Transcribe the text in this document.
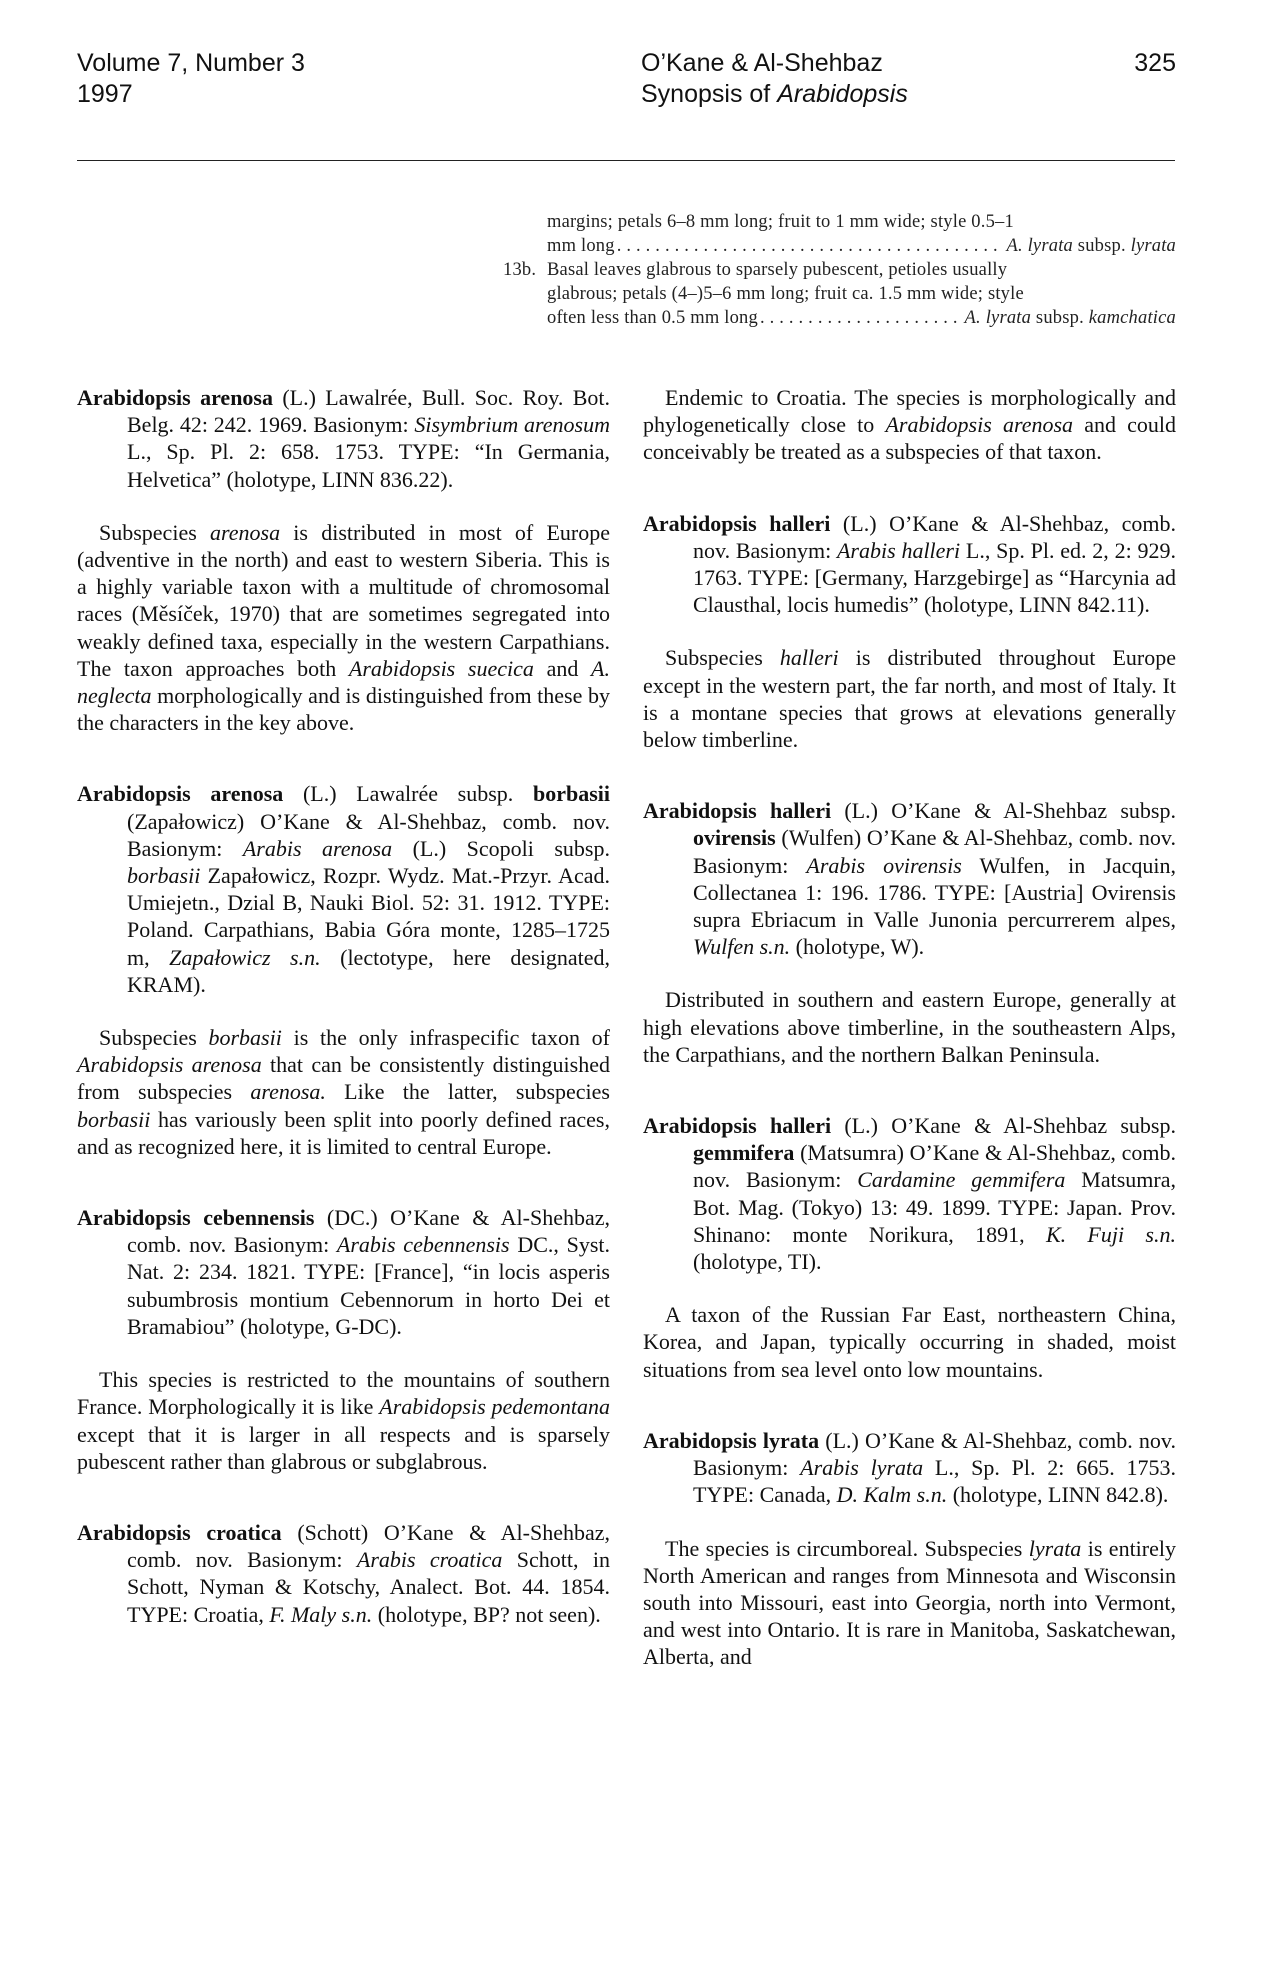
Volume 7, Number 3
1997
O’Kane & Al-Shehbaz
Synopsis of Arabidopsis
325
margins; petals 6–8 mm long; fruit to 1 mm wide; style 0.5–1
mm long . . .	A. lyrata subsp. lyrata
13b. Basal leaves glabrous to sparsely pubescent, petioles usually
glabrous; petals (4–)5–6 mm long; fruit ca. 1.5 mm wide; style
often less than 0.5 mm long . . .	A. lyrata subsp. kamchatica

Arabidopsis arenosa (L.) Lawalrée, Bull. Soc. Roy. Bot. Belg. 42: 242. 1969. Basionym: Sisymbrium arenosum L., Sp. Pl. 2: 658. 1753. TYPE: “In Germania, Helvetica” (holotype, LINN 836.22).

Subspecies arenosa is distributed in most of Europe (adventive in the north) and east to western Siberia. This is a highly variable taxon with a multitude of chromosomal races (Měsíček, 1970) that are sometimes segregated into weakly defined taxa, especially in the western Carpathians. The taxon approaches both Arabidopsis suecica and A. neglecta morphologically and is distinguished from these by the characters in the key above.

Arabidopsis arenosa (L.) Lawalrée subsp. borbasii (Zapałowicz) O’Kane & Al-Shehbaz, comb. nov. Basionym: Arabis arenosa (L.) Scopoli subsp. borbasii Zapałowicz, Rozpr. Wydz. Mat.-Przyr. Acad. Umiejetn., Dzial B, Nauki Biol. 52: 31. 1912. TYPE: Poland. Carpathians, Babia Góra monte, 1285–1725 m, Zapałowicz s.n. (lectotype, here designated, KRAM).

Subspecies borbasii is the only infraspecific taxon of Arabidopsis arenosa that can be consistently distinguished from subspecies arenosa. Like the latter, subspecies borbasii has variously been split into poorly defined races, and as recognized here, it is limited to central Europe.

Arabidopsis cebennensis (DC.) O’Kane & Al-Shehbaz, comb. nov. Basionym: Arabis cebennensis DC., Syst. Nat. 2: 234. 1821. TYPE: [France], “in locis asperis subumbrosis montium Cebennorum in horto Dei et Bramabiou” (holotype, G-DC).

This species is restricted to the mountains of southern France. Morphologically it is like Arabidopsis pedemontana except that it is larger in all respects and is sparsely pubescent rather than glabrous or subglabrous.

Arabidopsis croatica (Schott) O’Kane & Al-Shehbaz, comb. nov. Basionym: Arabis croatica Schott, in Schott, Nyman & Kotschy, Analect. Bot. 44. 1854. TYPE: Croatia, F. Maly s.n. (holotype, BP? not seen).

Endemic to Croatia. The species is morphologically and phylogenetically close to Arabidopsis arenosa and could conceivably be treated as a subspecies of that taxon.

Arabidopsis halleri (L.) O’Kane & Al-Shehbaz, comb. nov. Basionym: Arabis halleri L., Sp. Pl. ed. 2, 2: 929. 1763. TYPE: [Germany, Harzgebirge] as “Harcynia ad Clausthal, locis humedis” (holotype, LINN 842.11).

Subspecies halleri is distributed throughout Europe except in the western part, the far north, and most of Italy. It is a montane species that grows at elevations generally below timberline.

Arabidopsis halleri (L.) O’Kane & Al-Shehbaz subsp. ovirensis (Wulfen) O’Kane & Al-Shehbaz, comb. nov. Basionym: Arabis ovirensis Wulfen, in Jacquin, Collectanea 1: 196. 1786. TYPE: [Austria] Ovirensis supra Ebriacum in Valle Junonia percurrerem alpes, Wulfen s.n. (holotype, W).

Distributed in southern and eastern Europe, generally at high elevations above timberline, in the southeastern Alps, the Carpathians, and the northern Balkan Peninsula.

Arabidopsis halleri (L.) O’Kane & Al-Shehbaz subsp. gemmifera (Matsumra) O’Kane & Al-Shehbaz, comb. nov. Basionym: Cardamine gemmifera Matsumra, Bot. Mag. (Tokyo) 13: 49. 1899. TYPE: Japan. Prov. Shinano: monte Norikura, 1891, K. Fuji s.n. (holotype, TI).

A taxon of the Russian Far East, northeastern China, Korea, and Japan, typically occurring in shaded, moist situations from sea level onto low mountains.

Arabidopsis lyrata (L.) O’Kane & Al-Shehbaz, comb. nov. Basionym: Arabis lyrata L., Sp. Pl. 2: 665. 1753. TYPE: Canada, D. Kalm s.n. (holotype, LINN 842.8).

The species is circumboreal. Subspecies lyrata is entirely North American and ranges from Minnesota and Wisconsin south into Missouri, east into Georgia, north into Vermont, and west into Ontario. It is rare in Manitoba, Saskatchewan, Alberta, and
